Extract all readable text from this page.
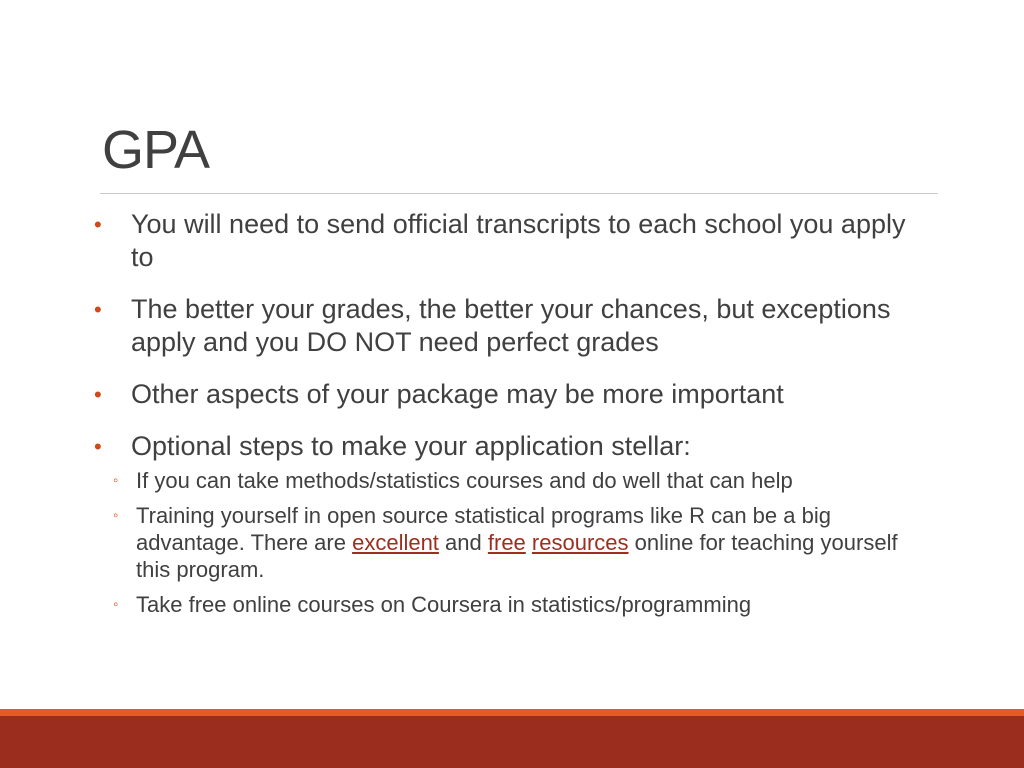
GPA
• You will need to send official transcripts to each school you apply to
• The better your grades, the better your chances, but exceptions apply and you DO NOT need perfect grades
• Other aspects of your package may be more important
• Optional steps to make your application stellar:
◦ If you can take methods/statistics courses and do well that can help
◦ Training yourself in open source statistical programs like R can be a big advantage. There are excellent and free resources online for teaching yourself this program.
◦ Take free online courses on Coursera in statistics/programming
